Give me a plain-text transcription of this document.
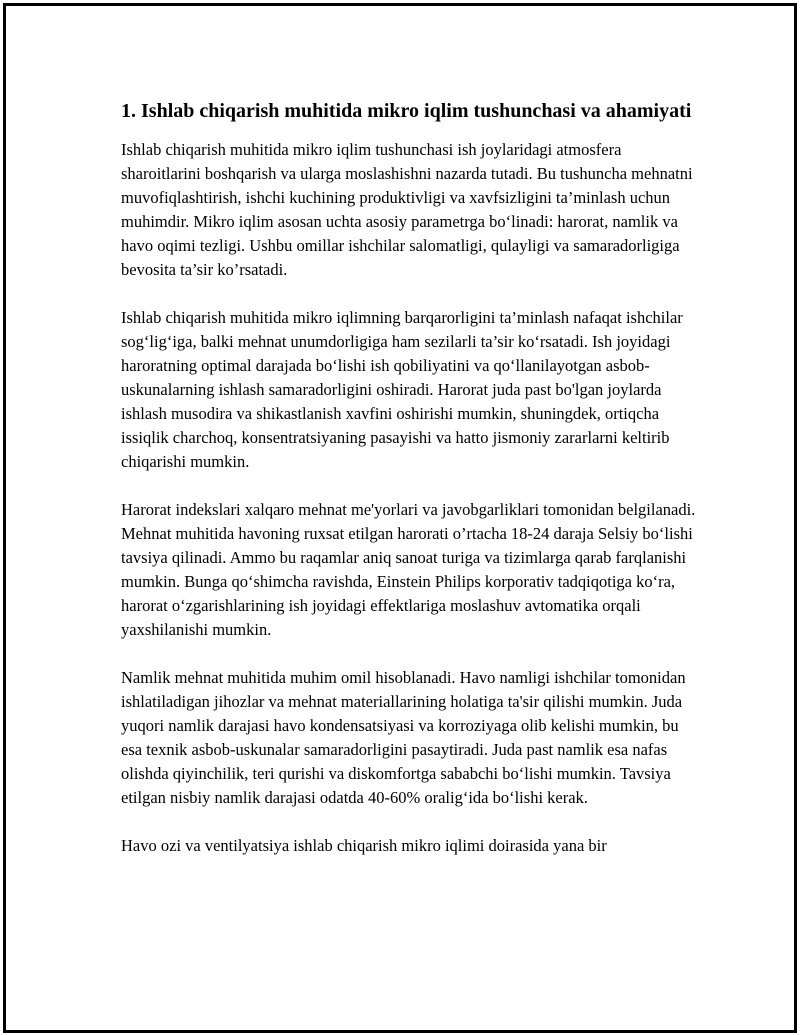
1. Ishlab chiqarish muhitida mikro iqlim tushunchasi va ahamiyati

Ishlab chiqarish muhitida mikro iqlim tushunchasi ish joylaridagi atmosfera sharoitlarini boshqarish va ularga moslashishni nazarda tutadi. Bu tushuncha mehnatni muvofiqlashtirish, ishchi kuchining produktivligi va xavfsizligini ta’minlash uchun muhimdir. Mikro iqlim asosan uchta asosiy parametrga bo‘linadi: harorat, namlik va havo oqimi tezligi. Ushbu omillar ishchilar salomatligi, qulayligi va samaradorligiga bevosita ta’sir ko’rsatadi.

Ishlab chiqarish muhitida mikro iqlimning barqarorligini ta’minlash nafaqat ishchilar sog‘lig‘iga, balki mehnat unumdorligiga ham sezilarli ta’sir ko‘rsatadi. Ish joyidagi haroratning optimal darajada bo‘lishi ish qobiliyatini va qo‘llanilayotgan asbob-uskunalarning ishlash samaradorligini oshiradi. Harorat juda past bo'lgan joylarda ishlash musodira va shikastlanish xavfini oshirishi mumkin, shuningdek, ortiqcha issiqlik charchoq, konsentratsiyaning pasayishi va hatto jismoniy zararlarni keltirib chiqarishi mumkin.

Harorat indekslari xalqaro mehnat me'yorlari va javobgarliklari tomonidan belgilanadi. Mehnat muhitida havoning ruxsat etilgan harorati o’rtacha 18-24 daraja Selsiy bo‘lishi tavsiya qilinadi. Ammo bu raqamlar aniq sanoat turiga va tizimlarga qarab farqlanishi mumkin. Bunga qo‘shimcha ravishda, Einstein Philips korporativ tadqiqotiga ko‘ra, harorat o‘zgarishlarining ish joyidagi effektlariga moslashuv avtomatika orqali yaxshilanishi mumkin.

Namlik mehnat muhitida muhim omil hisoblanadi. Havo namligi ishchilar tomonidan ishlatiladigan jihozlar va mehnat materiallarining holatiga ta'sir qilishi mumkin. Juda yuqori namlik darajasi havo kondensatsiyasi va korroziyaga olib kelishi mumkin, bu esa texnik asbob-uskunalar samaradorligini pasaytiradi. Juda past namlik esa nafas olishda qiyinchilik, teri qurishi va diskomfortga sababchi bo‘lishi mumkin. Tavsiya etilgan nisbiy namlik darajasi odatda 40-60% oralig‘ida bo‘lishi kerak.

Havo ozi va ventilyatsiya ishlab chiqarish mikro iqlimi doirasida yana bir
